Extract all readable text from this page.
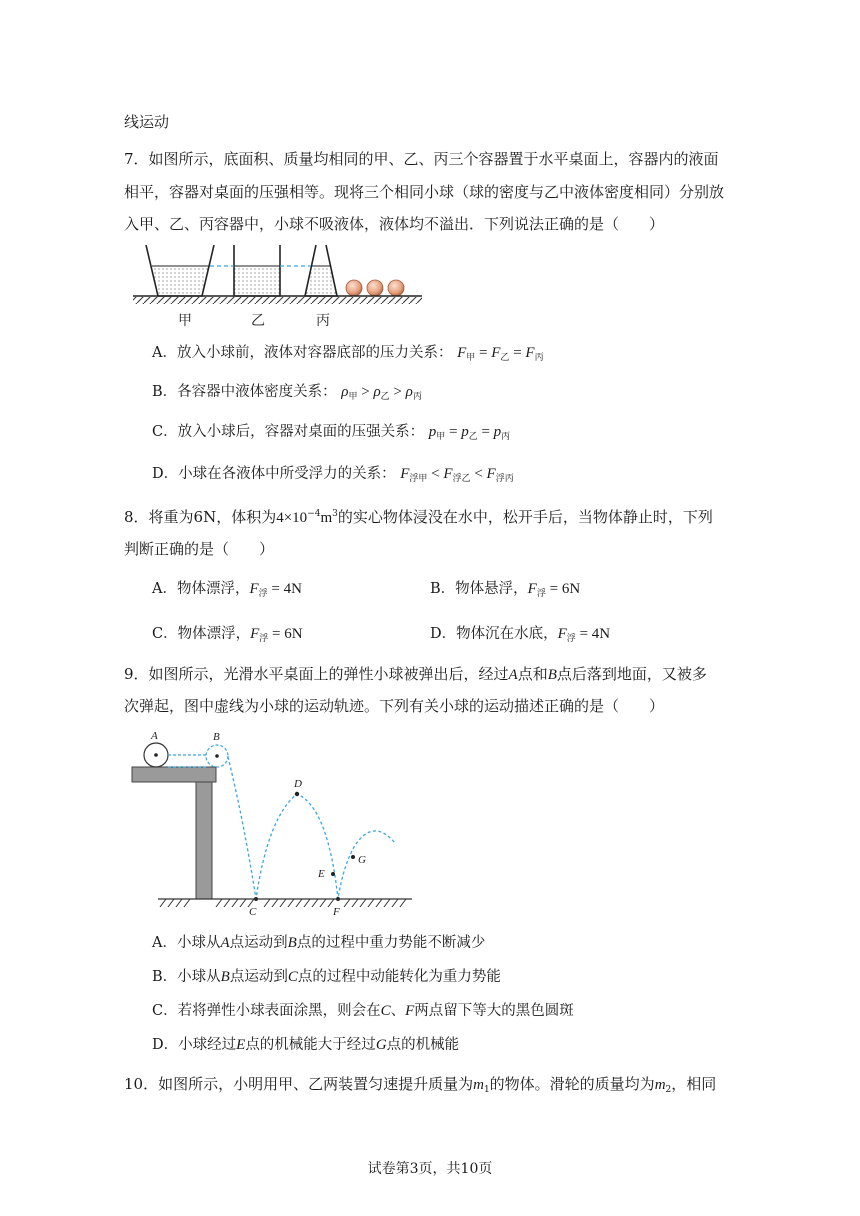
线运动
7．如图所示，底面积、质量均相同的甲、乙、丙三个容器置于水平桌面上，容器内的液面
相平，容器对桌面的压强相等。现将三个相同小球（球的密度与乙中液体密度相同）分别放
入甲、乙、丙容器中，小球不吸液体，液体均不溢出．下列说法正确的是（　　）
甲	乙	丙
A．放入小球前，液体对容器底部的压力关系： $F_甲 = F_乙 = F_丙$
B．各容器中液体密度关系： $\rho_甲 > \rho_乙 > \rho_丙$
C．放入小球后，容器对桌面的压强关系： $p_甲 = p_乙 = p_丙$
D．小球在各液体中所受浮力的关系： $F_{浮甲} < F_{浮乙} < F_{浮丙}$
8．将重为6N，体积为$4\times 10^{-4}m^3$的实心物体浸没在水中，松开手后，当物体静止时，下列
判断正确的是（　　）
A．物体漂浮，$F_浮 = 4N$	B．物体悬浮，$F_浮 = 6N$
C．物体漂浮，$F_浮 = 6N$	D．物体沉在水底，$F_浮 = 4N$
9．如图所示，光滑水平桌面上的弹性小球被弹出后，经过A点和B点后落到地面，又被多
次弹起，图中虚线为小球的运动轨迹。下列有关小球的运动描述正确的是（　　）
A	B
C
D
E
F
G
A．小球从A点运动到B点的过程中重力势能不断减少
B．小球从B点运动到C点的过程中动能转化为重力势能
C．若将弹性小球表面涂黑，则会在C、F两点留下等大的黑色圆斑
D．小球经过E点的机械能大于经过G点的机械能
10．如图所示，小明用甲、乙两装置匀速提升质量为$m_1$的物体。滑轮的质量均为$m_2$，相同
试卷第3页，共10页
